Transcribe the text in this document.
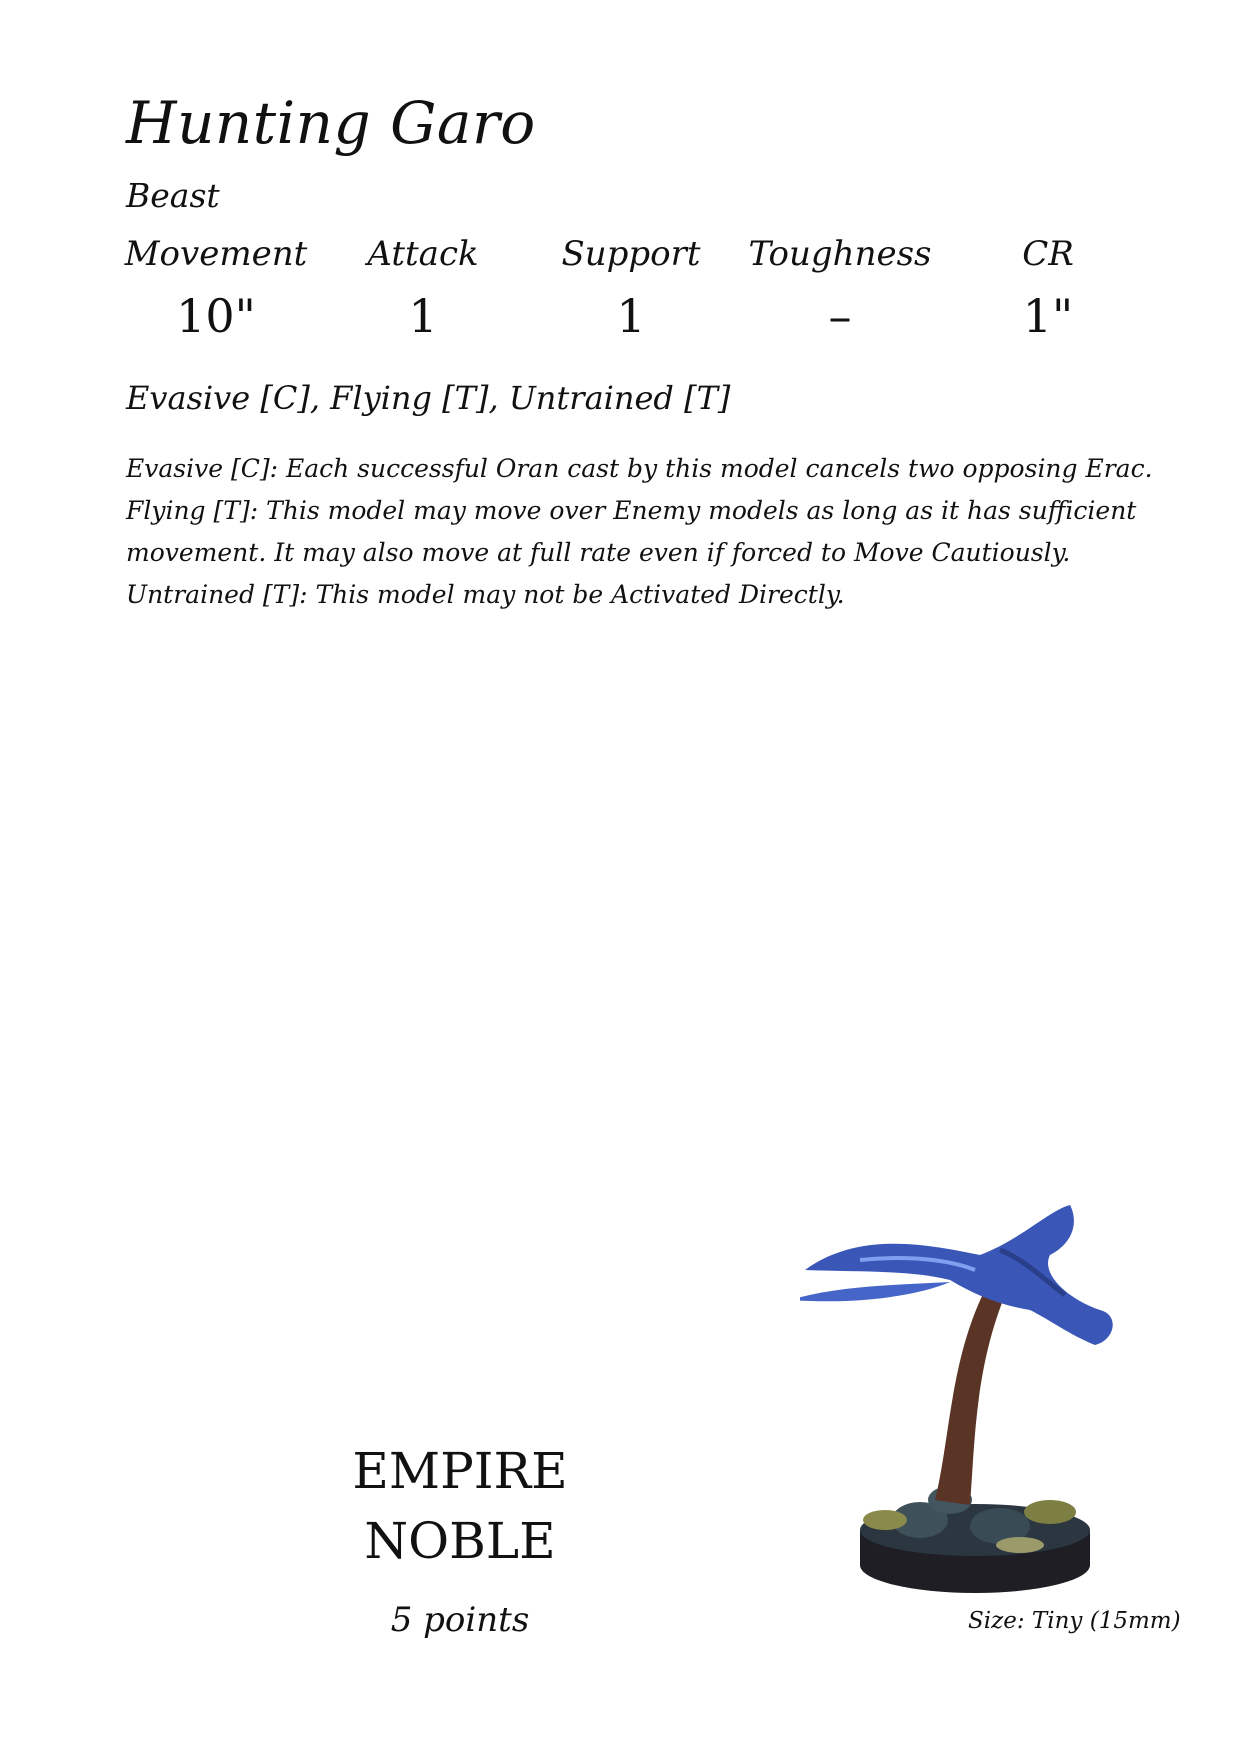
Hunting Garo
Beast
Movement
10"
Attack
1
Support
1
Toughness
–
CR
1"
Evasive [C], Flying [T], Untrained [T]
Evasive [C]: Each successful Oran cast by this model cancels two opposing Erac.
Flying [T]: This model may move over Enemy models as long as it has sufficient
movement. It may also move at full rate even if forced to Move Cautiously.
Untrained [T]: This model may not be Activated Directly.
EMPIRE
NOBLE
5 points	Size: Tiny (15mm)
